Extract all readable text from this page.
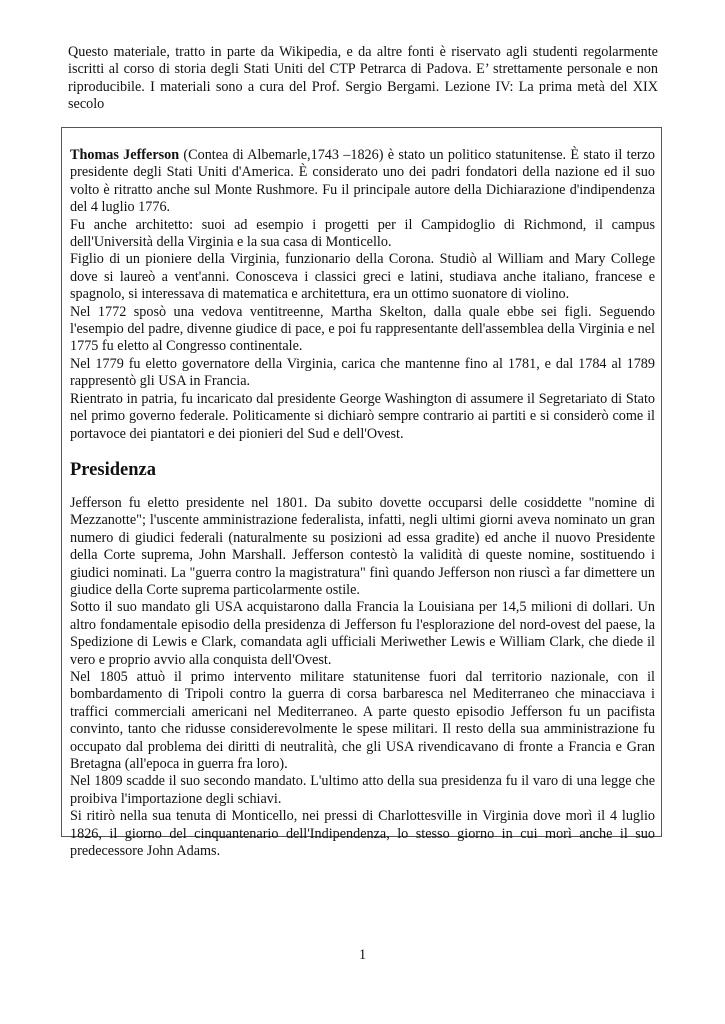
Questo materiale, tratto in parte da Wikipedia, e da altre fonti è riservato agli studenti regolarmente iscritti al corso di storia degli Stati Uniti del CTP Petrarca di Padova. E’ strettamente personale e non riproducibile. I materiali sono a cura del Prof. Sergio Bergami. Lezione IV: La prima metà del XIX secolo

Thomas Jefferson (Contea di Albemarle,1743 –1826) è stato un politico statunitense. È stato il terzo presidente degli Stati Uniti d'America. È considerato uno dei padri fondatori della nazione ed il suo volto è ritratto anche sul Monte Rushmore. Fu il principale autore della Dichiarazione d'indipendenza del 4 luglio 1776.

Fu anche architetto: suoi ad esempio i progetti per il Campidoglio di Richmond, il campus dell'Università della Virginia e la sua casa di Monticello.

Figlio di un pioniere della Virginia, funzionario della Corona. Studiò al William and Mary College dove si laureò a vent'anni. Conosceva i classici greci e latini, studiava anche italiano, francese e spagnolo, si interessava di matematica e architettura, era un ottimo suonatore di violino.

Nel 1772 sposò una vedova ventitreenne, Martha Skelton, dalla quale ebbe sei figli. Seguendo l'esempio del padre, divenne giudice di pace, e poi fu rappresentante dell'assemblea della Virginia e nel 1775 fu eletto al Congresso continentale.

Nel 1779 fu eletto governatore della Virginia, carica che mantenne fino al 1781, e dal 1784 al 1789 rappresentò gli USA in Francia.

Rientrato in patria, fu incaricato dal presidente George Washington di assumere il Segretariato di Stato nel primo governo federale. Politicamente si dichiarò sempre contrario ai partiti e si considerò come il portavoce dei piantatori e dei pionieri del Sud e dell'Ovest.

Presidenza

Jefferson fu eletto presidente nel 1801. Da subito dovette occuparsi delle cosiddette "nomine di Mezzanotte"; l'uscente amministrazione federalista, infatti, negli ultimi giorni aveva nominato un gran numero di giudici federali (naturalmente su posizioni ad essa gradite) ed anche il nuovo Presidente della Corte suprema, John Marshall. Jefferson contestò la validità di queste nomine, sostituendo i giudici nominati. La "guerra contro la magistratura" finì quando Jefferson non riuscì a far dimettere un giudice della Corte suprema particolarmente ostile.

Sotto il suo mandato gli USA acquistarono dalla Francia la Louisiana per 14,5 milioni di dollari. Un altro fondamentale episodio della presidenza di Jefferson fu l'esplorazione del nord-ovest del paese, la Spedizione di Lewis e Clark, comandata agli ufficiali Meriwether Lewis e William Clark, che diede il vero e proprio avvio alla conquista dell'Ovest.

Nel 1805 attuò il primo intervento militare statunitense fuori dal territorio nazionale, con il bombardamento di Tripoli contro la guerra di corsa barbaresca nel Mediterraneo che minacciava i traffici commerciali americani nel Mediterraneo. A parte questo episodio Jefferson fu un pacifista convinto, tanto che ridusse considerevolmente le spese militari. Il resto della sua amministrazione fu occupato dal problema dei diritti di neutralità, che gli USA rivendicavano di fronte a Francia e Gran Bretagna (all'epoca in guerra fra loro).

Nel 1809 scadde il suo secondo mandato. L'ultimo atto della sua presidenza fu il varo di una legge che proibiva l'importazione degli schiavi.

Si ritirò nella sua tenuta di Monticello, nei pressi di Charlottesville in Virginia dove morì il 4 luglio 1826, il giorno del cinquantenario dell'Indipendenza, lo stesso giorno in cui morì anche il suo predecessore John Adams.

1
